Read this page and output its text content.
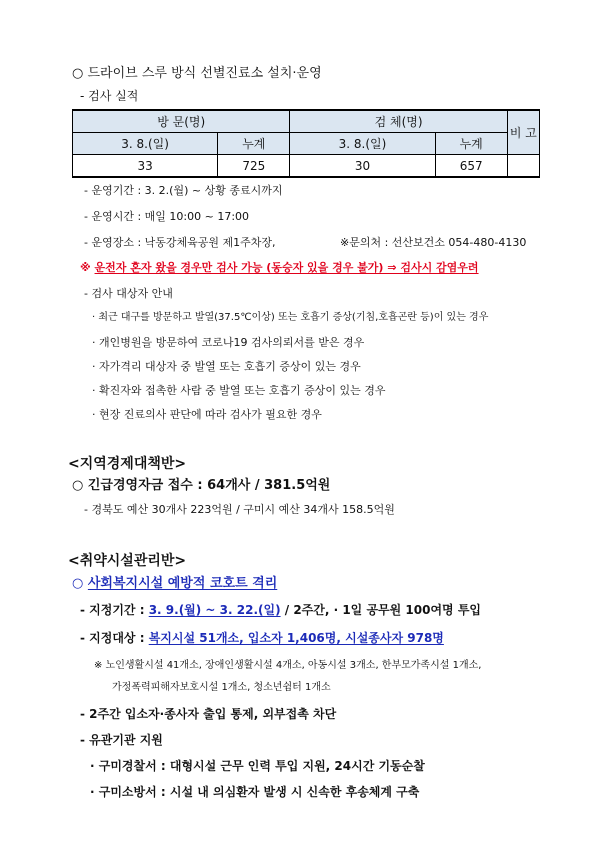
○ 드라이브 스루 방식 선별진료소 설치·운영
- 검사 실적
방 문(명)		검 체(명)		비 고
3. 8.(일)	누계	3. 8.(일)	누계	
33	725	30	657	
- 운영기간 : 3. 2.(월) ~ 상황 종료시까지
- 운영시간 : 매일 10:00 ~ 17:00
- 운영장소 : 낙동강체육공원 제1주차장,	※문의처 : 선산보건소 054-480-4130
※ 운전자 혼자 왔을 경우만 검사 가능 (동승자 있을 경우 불가) ⇒ 검사시 감염우려
- 검사 대상자 안내
· 최근 대구를 방문하고 발열(37.5℃이상) 또는 호흡기 증상(기침,호흡곤란 등)이 있는 경우
· 개인병원을 방문하여 코로나19 검사의뢰서를 받은 경우
· 자가격리 대상자 중 발열 또는 호흡기 증상이 있는 경우
· 확진자와 접촉한 사람 중 발열 또는 호흡기 증상이 있는 경우
· 현장 진료의사 판단에 따라 검사가 필요한 경우
<지역경제대책반>
○ 긴급경영자금 접수 : 64개사 / 381.5억원
- 경북도 예산 30개사 223억원 / 구미시 예산 34개사 158.5억원
<취약시설관리반>
○ 사회복지시설 예방적 코호트 격리
- 지정기간 : 3. 9.(월) ~ 3. 22.(일) / 2주간, · 1일 공무원 100여명 투입
- 지정대상 : 복지시설 51개소, 입소자 1,406명, 시설종사자 978명
※ 노인생활시설 41개소, 장애인생활시설 4개소, 아동시설 3개소, 한부모가족시설 1개소,
가정폭력피해자보호시설 1개소, 청소년쉼터 1개소
- 2주간 입소자·종사자 출입 통제, 외부접촉 차단
- 유관기관 지원
· 구미경찰서 : 대형시설 근무 인력 투입 지원, 24시간 기동순찰
· 구미소방서 : 시설 내 의심환자 발생 시 신속한 후송체계 구축
